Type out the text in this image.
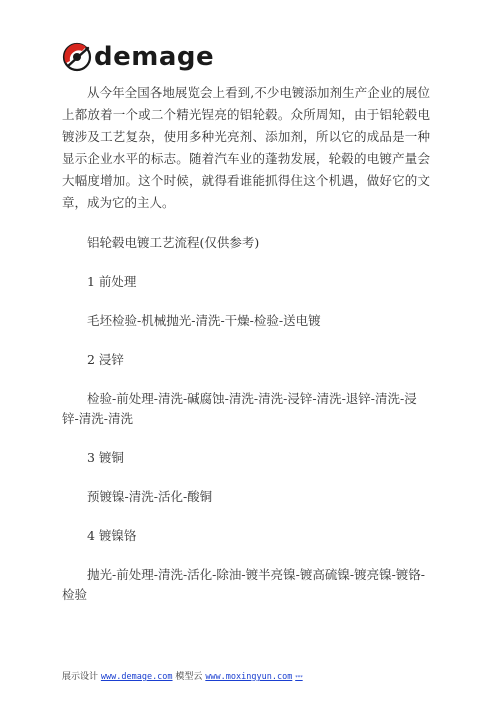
demage

从今年全国各地展览会上看到,不少电镀添加剂生产企业的展位上都放着一个或二个精光锃亮的铝轮毂。众所周知，由于铝轮毂电镀涉及工艺复杂，使用多种光亮剂、添加剂，所以它的成品是一种显示企业水平的标志。随着汽车业的蓬勃发展，轮毂的电镀产量会大幅度增加。这个时候，就得看谁能抓得住这个机遇，做好它的文章，成为它的主人。

铝轮毂电镀工艺流程(仅供参考)

1 前处理

毛坯检验-机械抛光-清洗-干燥-检验-送电镀

2 浸锌

检验-前处理-清洗-碱腐蚀-清洗-清洗-浸锌-清洗-退锌-清洗-浸锌-清洗-清洗

3 镀铜

预镀镍-清洗-活化-酸铜

4 镀镍铬

抛光-前处理-清洗-活化-除油-镀半亮镍-镀高硫镍-镀亮镍-镀铬-检验

展示设计 www.demage.com 模型云 www.moxingyun.com ***
